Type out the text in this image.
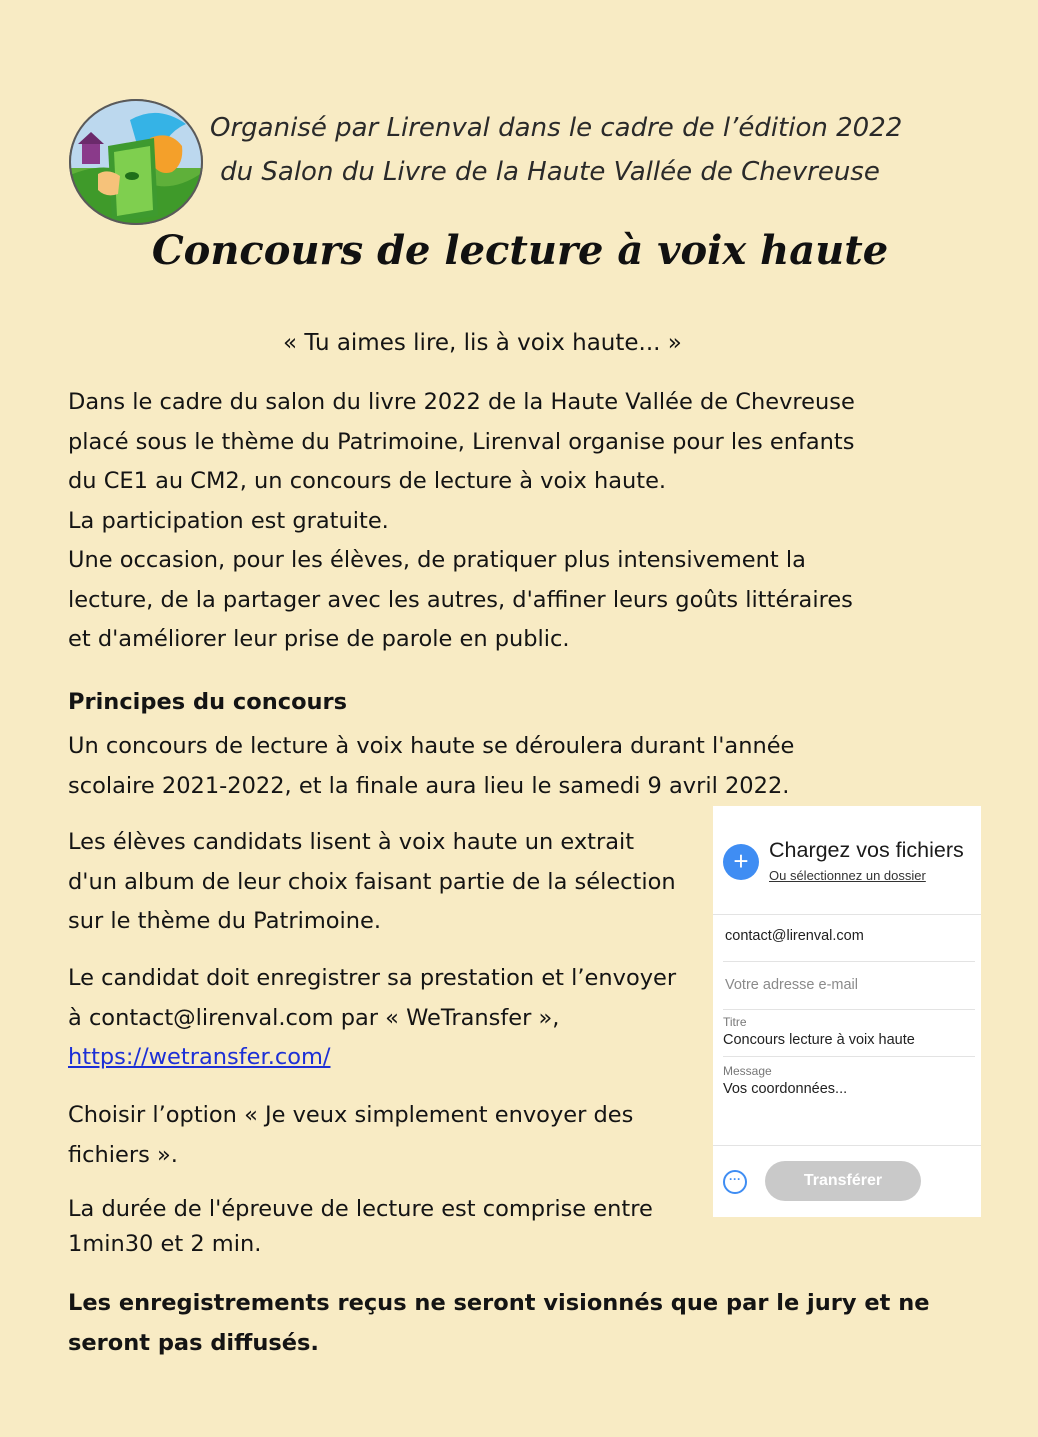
Organisé par Lirenval dans le cadre de l’édition 2022
du Salon du Livre de la Haute Vallée de Chevreuse
Concours de lecture à voix haute
« Tu aimes lire, lis à voix haute... »
Dans le cadre du salon du livre 2022 de la Haute Vallée de Chevreuse
placé sous le thème du Patrimoine, Lirenval organise pour les enfants
du CE1 au CM2, un concours de lecture à voix haute.
La participation est gratuite.
Une occasion, pour les élèves, de pratiquer plus intensivement la
lecture, de la partager avec les autres, d'affiner leurs goûts littéraires
et d'améliorer leur prise de parole en public.
Principes du concours
Un concours de lecture à voix haute se déroulera durant l'année
scolaire 2021-2022, et la finale aura lieu le samedi 9 avril 2022.
Les élèves candidats lisent à voix haute un extrait
d'un album de leur choix faisant partie de la sélection
sur le thème du Patrimoine.
Le candidat doit enregistrer sa prestation et l’envoyer
à contact@lirenval.com par « WeTransfer »,
https://wetransfer.com/
Choisir l’option « Je veux simplement envoyer des
fichiers ».
La durée de l'épreuve de lecture est comprise entre
1min30 et 2 min.
Les enregistrements reçus ne seront visionnés que par le jury et ne
seront pas diffusés.
+ Chargez vos fichiers
Ou sélectionnez un dossier
contact@lirenval.com
Votre adresse e-mail
Titre
Concours lecture à voix haute
Message
Vos coordonnées...
···	Transférer
